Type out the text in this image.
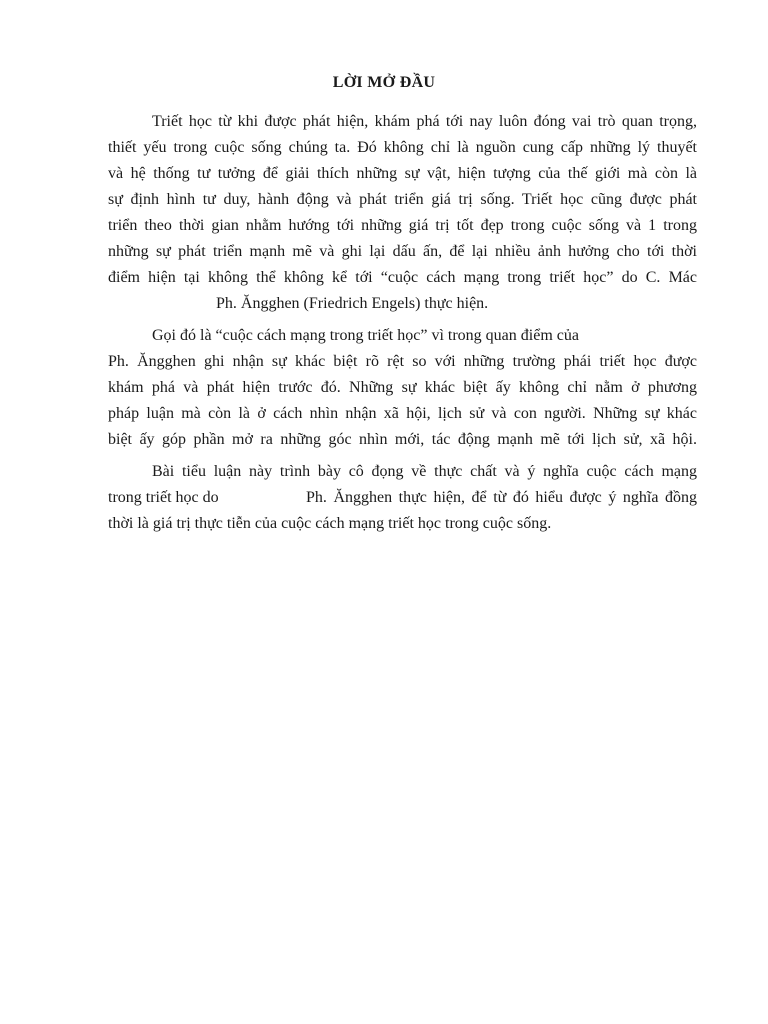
LỜI MỞ ĐẦU
Triết học từ khi được phát hiện, khám phá tới nay luôn đóng vai trò quan trọng,
thiết yếu trong cuộc sống chúng ta. Đó không chỉ là nguồn cung cấp những lý thuyết
và hệ thống tư tưởng để giải thích những sự vật, hiện tượng của thế giới mà còn là
sự định hình tư duy, hành động và phát triển giá trị sống. Triết học cũng được phát
triển theo thời gian nhằm hướng tới những giá trị tốt đẹp trong cuộc sống và 1 trong
những sự phát triển mạnh mẽ và ghi lại dấu ấn, để lại nhiều ảnh hưởng cho tới thời
điểm hiện tại không thể không kể tới “cuộc cách mạng trong triết học” do C. Mác
Ph. Ăngghen (Friedrich Engels) thực hiện.
Gọi đó là “cuộc cách mạng trong triết học” vì trong quan điểm của
Ph. Ăngghen ghi nhận sự khác biệt rõ rệt so với những trường phái triết học được
khám phá và phát hiện trước đó. Những sự khác biệt ấy không chỉ nằm ở phương
pháp luận mà còn là ở cách nhìn nhận xã hội, lịch sử và con người. Những sự khác
biệt ấy góp phần mở ra những góc nhìn mới, tác động mạnh mẽ tới lịch sử, xã hội.
Bài tiểu luận này trình bày cô đọng về thực chất và ý nghĩa cuộc cách mạng
trong triết học do	Ph. Ăngghen thực hiện, để từ đó hiểu được ý nghĩa đồng
thời là giá trị thực tiễn của cuộc cách mạng triết học trong cuộc sống.
